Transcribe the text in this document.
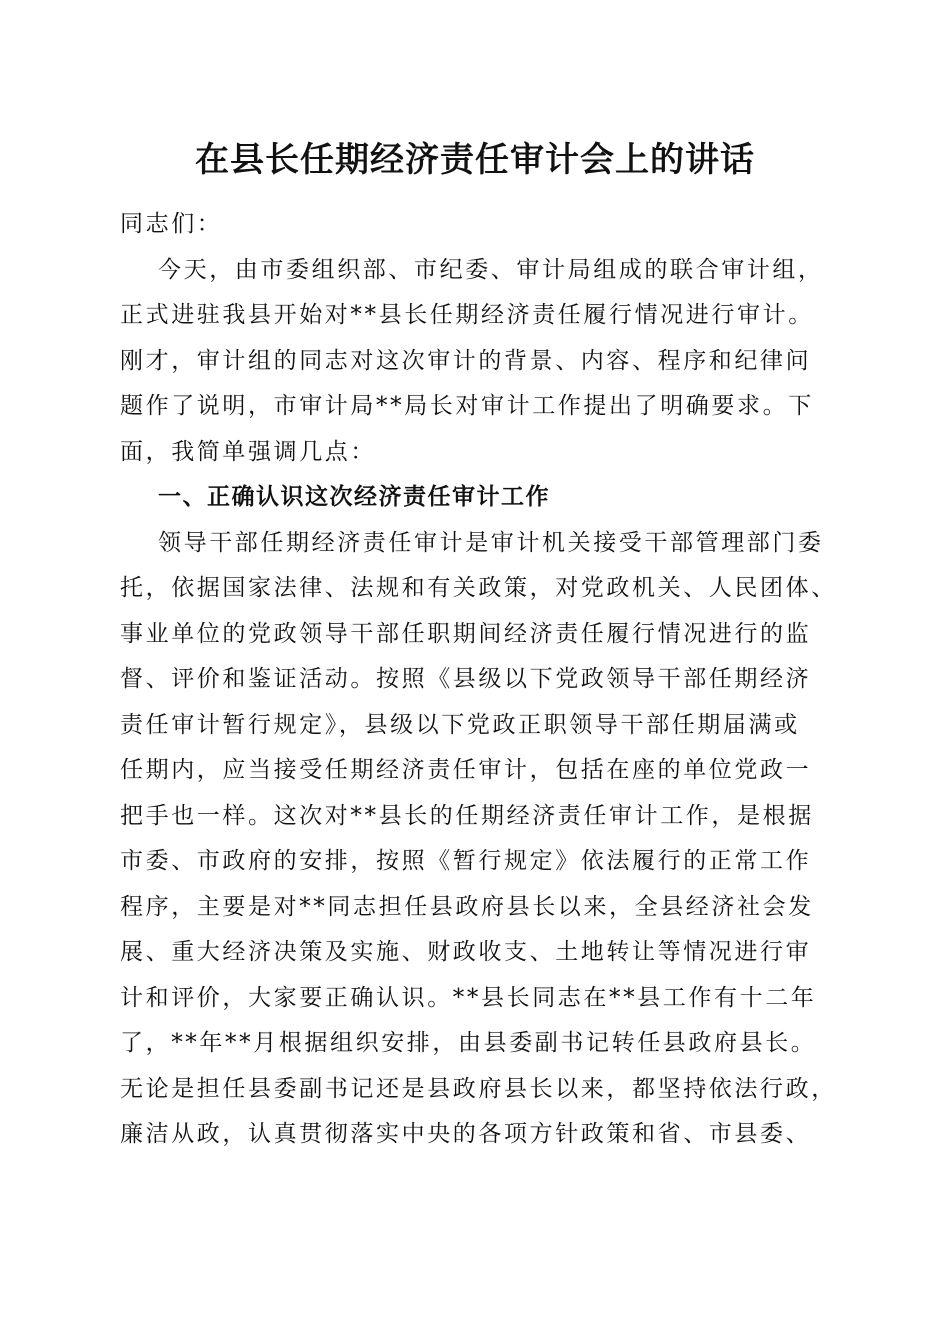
在县长任期经济责任审计会上的讲话
同志们：
今天，由市委组织部、市纪委、审计局组成的联合审计组，
正式进驻我县开始对**县长任期经济责任履行情况进行审计。
刚才，审计组的同志对这次审计的背景、内容、程序和纪律问
题作了说明，市审计局**局长对审计工作提出了明确要求。下
面，我简单强调几点：
一、正确认识这次经济责任审计工作
领导干部任期经济责任审计是审计机关接受干部管理部门委
托，依据国家法律、法规和有关政策，对党政机关、人民团体、
事业单位的党政领导干部任职期间经济责任履行情况进行的监
督、评价和鉴证活动。按照《县级以下党政领导干部任期经济
责任审计暂行规定》，县级以下党政正职领导干部任期届满或
任期内，应当接受任期经济责任审计，包括在座的单位党政一
把手也一样。这次对**县长的任期经济责任审计工作，是根据
市委、市政府的安排，按照《暂行规定》依法履行的正常工作
程序，主要是对**同志担任县政府县长以来，全县经济社会发
展、重大经济决策及实施、财政收支、土地转让等情况进行审
计和评价，大家要正确认识。**县长同志在**县工作有十二年
了，**年**月根据组织安排，由县委副书记转任县政府县长。
无论是担任县委副书记还是县政府县长以来，都坚持依法行政，
廉洁从政，认真贯彻落实中央的各项方针政策和省、市县委、
